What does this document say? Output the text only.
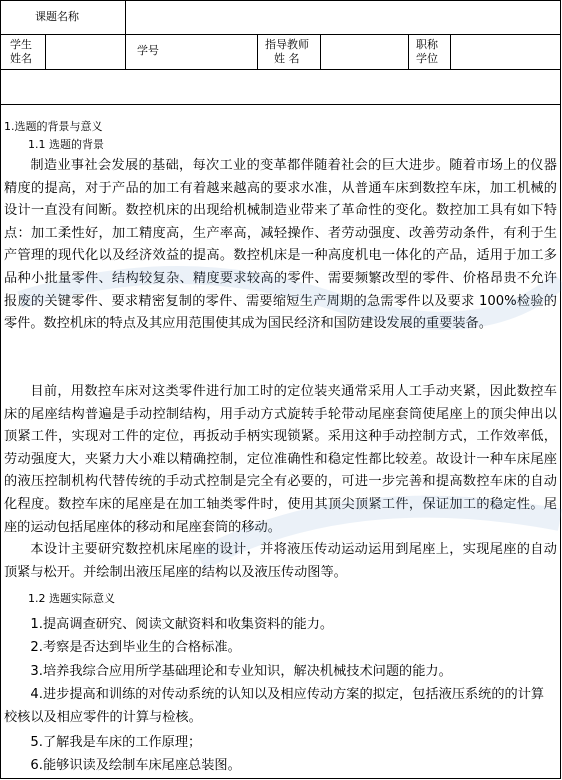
课题名称
学生
姓名
学号	指导教师
姓 名
职称
学位
1.选题的背景与意义
1.1 选题的背景
制造业事社会发展的基础，每次工业的变革都伴随着社会的巨大进步。随着市场上的仪器精度的提高，对于产品的加工有着越来越高的要求水准，从普通车床到数控车床，加工机械的设计一直没有间断。数控机床的出现给机械制造业带来了革命性的变化。数控加工具有如下特点：加工柔性好，加工精度高，生产率高，减轻操作、者劳动强度、改善劳动条件，有利于生产管理的现代化以及经济效益的提高。数控机床是一种高度机电一体化的产品，适用于加工多品种小批量零件、结构较复杂、精度要求较高的零件、需要频繁改型的零件、价格昂贵不允许报废的关键零件、要求精密复制的零件、需要缩短生产周期的急需零件以及要求 100%检验的零件。数控机床的特点及其应用范围使其成为国民经济和国防建设发展的重要装备。
目前，用数控车床对这类零件进行加工时的定位装夹通常采用人工手动夹紧，因此数控车床的尾座结构普遍是手动控制结构，用手动方式旋转手轮带动尾座套筒使尾座上的顶尖伸出以顶紧工件，实现对工件的定位，再扳动手柄实现锁紧。采用这种手动控制方式，工作效率低，劳动强度大，夹紧力大小难以精确控制，定位准确性和稳定性都比较差。故设计一种车床尾座的液压控制机构代替传统的手动式控制是完全有必要的，可进一步完善和提高数控车床的自动化程度。数控车床的尾座是在加工轴类零件时，使用其顶尖顶紧工件，保证加工的稳定性。尾座的运动包括尾座体的移动和尾座套筒的移动。
本设计主要研究数控机床尾座的设计，并将液压传动运动运用到尾座上，实现尾座的自动顶紧与松开。并绘制出液压尾座的结构以及液压传动图等。
1.2 选题实际意义
1.提高调查研究、阅读文献资料和收集资料的能力。
2.考察是否达到毕业生的合格标准。
3.培养我综合应用所学基础理论和专业知识，解决机械技术问题的能力。
4.进步提高和训练的对传动系统的认知以及相应传动方案的拟定，包括液压系统的的计算校核以及相应零件的计算与检核。
5.了解我是车床的工作原理；
6.能够识读及绘制车床尾座总装图。
